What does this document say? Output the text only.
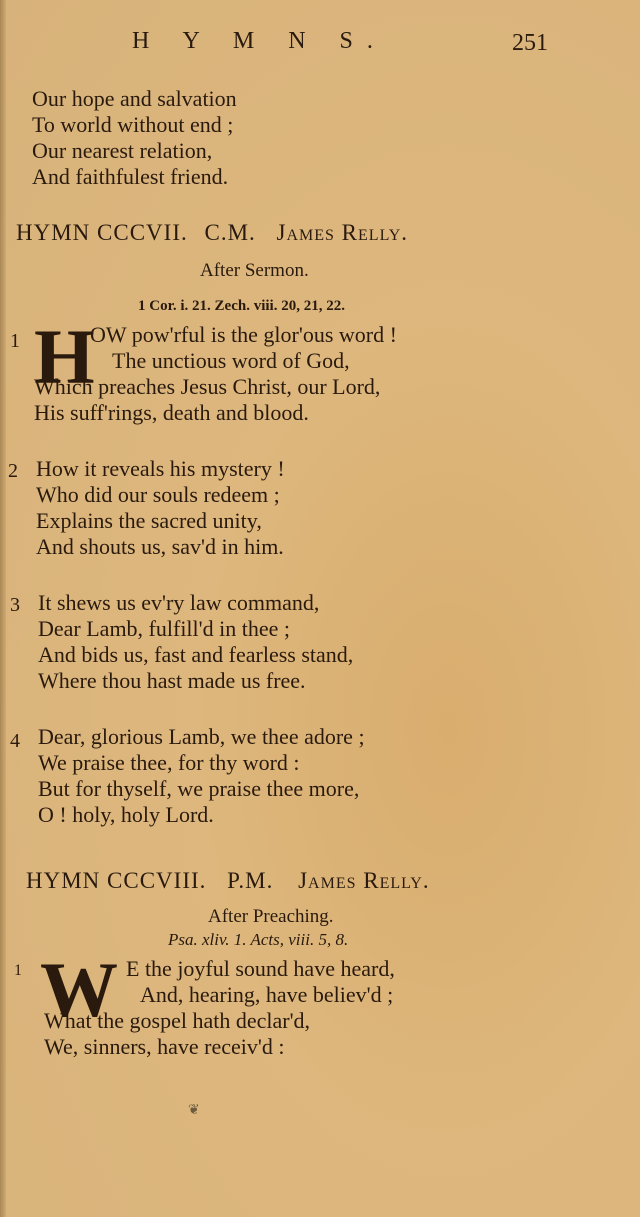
H Y M N S.	251
Our hope and salvation
To world without end ;
Our nearest relation,
And faithfulest friend.
HYMN CCCVII. C.M. James Relly.
After Sermon.
1 Cor. i. 21. Zech. viii. 20, 21, 22.
1 H
OW pow'rful is the glor'ous word !
The unctious word of God,
Which preaches Jesus Christ, our Lord,
His suff'rings, death and blood.
2 How it reveals his mystery !
Who did our souls redeem ;
Explains the sacred unity,
And shouts us, sav'd in him.
3 It shews us ev'ry law command,
Dear Lamb, fulfill'd in thee ;
And bids us, fast and fearless stand,
Where thou hast made us free.
4 Dear, glorious Lamb, we thee adore ;
We praise thee, for thy word :
But for thyself, we praise thee more,
O ! holy, holy Lord.
HYMN CCCVIII. P.M. James Relly.
After Preaching.
Psa. xliv. 1. Acts, viii. 5, 8.
1 W E the joyful sound have heard,
And, hearing, have believ'd ;
What the gospel hath declar'd,
We, sinners, have receiv'd :
❦
